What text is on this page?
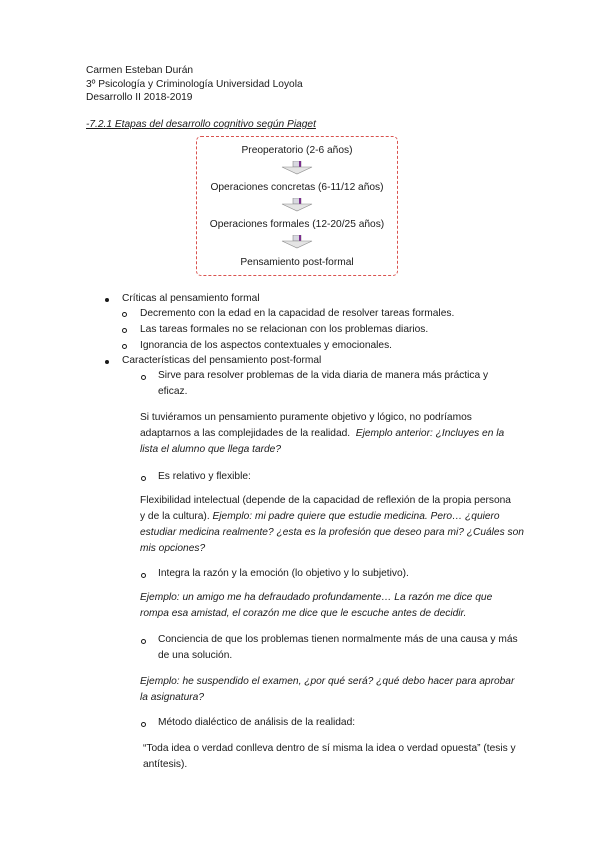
Carmen Esteban Durán
3º Psicología y Criminología Universidad Loyola
Desarrollo II 2018-2019
-7.2.1 Etapas del desarrollo cognitivo según Piaget
Preoperatorio (2-6 años)
Operaciones concretas (6-11/12 años)
Operaciones formales (12-20/25 años)
Pensamiento post-formal
Críticas al pensamiento formal
Decremento con la edad en la capacidad de resolver tareas formales.
Las tareas formales no se relacionan con los problemas diarios.
Ignorancia de los aspectos contextuales y emocionales.
Características del pensamiento post-formal
Sirve para resolver problemas de la vida diaria de manera más práctica y
eficaz.
Si tuviéramos un pensamiento puramente objetivo y lógico, no podríamos
adaptarnos a las complejidades de la realidad. Ejemplo anterior: ¿Incluyes en la
lista el alumno que llega tarde?
Es relativo y flexible:
Flexibilidad intelectual (depende de la capacidad de reflexión de la propia persona
y de la cultura). Ejemplo: mi padre quiere que estudie medicina. Pero… ¿quiero
estudiar medicina realmente? ¿esta es la profesión que deseo para mi? ¿Cuáles son
mis opciones?
Integra la razón y la emoción (lo objetivo y lo subjetivo).
Ejemplo: un amigo me ha defraudado profundamente… La razón me dice que
rompa esa amistad, el corazón me dice que le escuche antes de decidir.
Conciencia de que los problemas tienen normalmente más de una causa y más
de una solución.
Ejemplo: he suspendido el examen, ¿por qué será? ¿qué debo hacer para aprobar
la asignatura?
Método dialéctico de análisis de la realidad:
“Toda idea o verdad conlleva dentro de sí misma la idea o verdad opuesta” (tesis y
antítesis).
